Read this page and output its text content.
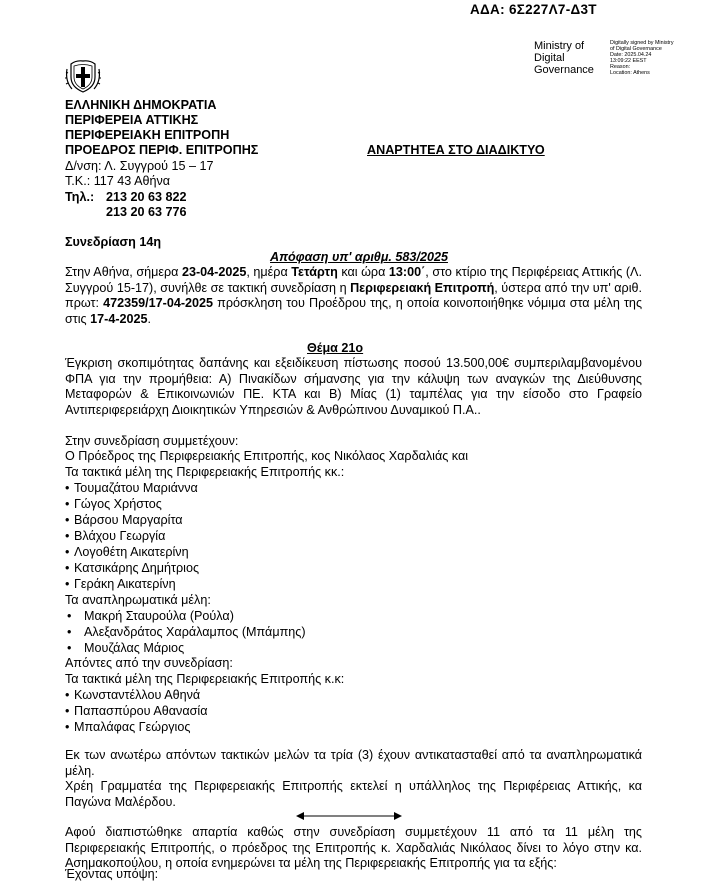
ΑΔΑ: 6Σ227Λ7-Δ3Τ
Ministry of
Digital
Governance
Digitally signed by Ministry
of Digital Governance
Date: 2025.04.24
13:09:22 EEST
Reason:
Location: Athens
ΕΛΛΗΝΙΚΗ ΔΗΜΟΚΡΑΤΙΑ
ΠΕΡΙΦΕΡΕΙΑ ΑΤΤΙΚΗΣ
ΠΕΡΙΦΕΡΕΙΑΚΗ ΕΠΙΤΡΟΠΗ
ΠΡΟΕΔΡΟΣ ΠΕΡΙΦ. ΕΠΙΤΡΟΠΗΣ	ΑΝΑΡΤΗΤΕΑ ΣΤΟ ΔΙΑΔΙΚΤΥΟ
Δ/νση: Λ. Συγγρού 15 – 17
Τ.Κ.: 117 43 Αθήνα
Τηλ.: 213 20 63 822
213 20 63 776
Συνεδρίαση 14η
Απόφαση υπ' αριθμ. 583/2025
Στην Αθήνα, σήμερα 23-04-2025, ημέρα Τετάρτη και ώρα 13:00΄, στο κτίριο της Περιφέρειας Αττικής (Λ. Συγγρού 15-17), συνήλθε σε τακτική συνεδρίαση η Περιφερειακή Επιτροπή, ύστερα από την υπ' αριθ. πρωτ: 472359/17-04-2025 πρόσκληση του Προέδρου της, η οποία κοινοποιήθηκε νόμιμα στα μέλη της στις 17-4-2025.
Θέμα 21ο
Έγκριση σκοπιμότητας δαπάνης και εξειδίκευση πίστωσης ποσού 13.500,00€ συμπεριλαμβανομένου ΦΠΑ για την προμήθεια: Α) Πινακίδων σήμανσης για την κάλυψη των αναγκών της Διεύθυνσης Μεταφορών & Επικοινωνιών ΠΕ. ΚΤΑ και Β) Μίας (1) ταμπέλας για την είσοδο στο Γραφείο Αντιπεριφερειάρχη Διοικητικών Υπηρεσιών & Ανθρώπινου Δυναμικού Π.Α..
Στην συνεδρίαση συμμετέχουν:
Ο Πρόεδρος της Περιφερειακής Επιτροπής, κος Νικόλαος Χαρδαλιάς και
Τα τακτικά μέλη της Περιφερειακής Επιτροπής κκ.:
• Τουμαζάτου Μαριάννα
• Γώγος Χρήστος
• Βάρσου Μαργαρίτα
• Βλάχου Γεωργία
• Λογοθέτη Αικατερίνη
• Κατσικάρης Δημήτριος
• Γεράκη Αικατερίνη
Τα αναπληρωματικά μέλη:
• Μακρή Σταυρούλα (Ρούλα)
• Αλεξανδράτος Χαράλαμπος (Μπάμπης)
• Μουζάλας Μάριος
Απόντες από την συνεδρίαση:
Τα τακτικά μέλη της Περιφερειακής Επιτροπής κ.κ:
• Κωνσταντέλλου Αθηνά
• Παπασπύρου Αθανασία
• Μπαλάφας Γεώργιος
Εκ των ανωτέρω απόντων τακτικών μελών τα τρία (3) έχουν αντικατασταθεί από τα αναπληρωματικά μέλη.
Χρέη Γραμματέα της Περιφερειακής Επιτροπής εκτελεί η υπάλληλος της Περιφέρειας Αττικής, κα Παγώνα Μαλέρδου.
Αφού διαπιστώθηκε απαρτία καθώς στην συνεδρίαση συμμετέχουν 11 από τα 11 μέλη της Περιφερειακής Επιτροπής, ο πρόεδρος της Επιτροπής κ. Χαρδαλιάς Νικόλαος δίνει το λόγο στην κα. Ασημακοπούλου, η οποία ενημερώνει τα μέλη της Περιφερειακής Επιτροπής για τα εξής:
Έχοντας υπόψη:
